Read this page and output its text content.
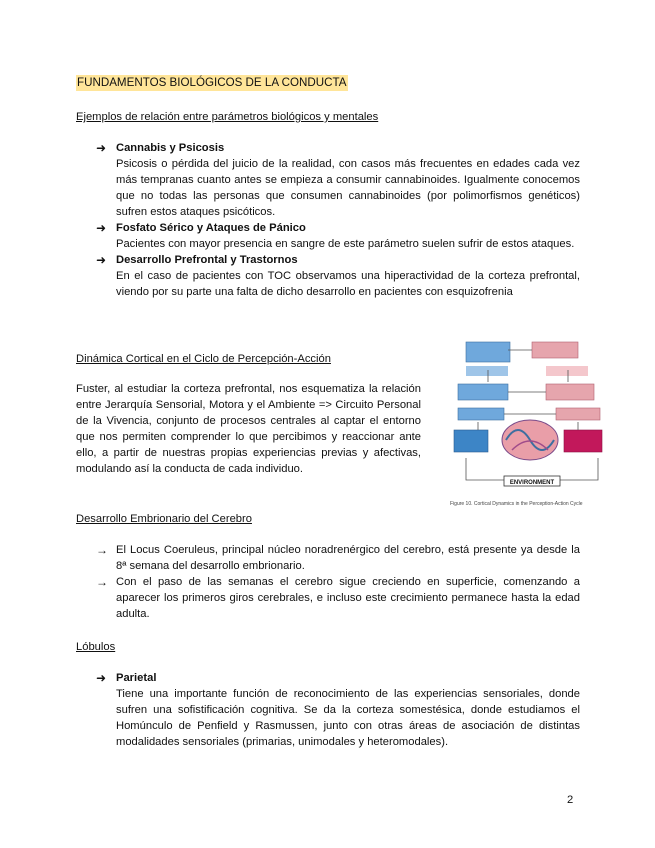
FUNDAMENTOS BIOLÓGICOS DE LA CONDUCTA
Ejemplos de relación entre parámetros biológicos y mentales
➜ Cannabis y Psicosis
Psicosis o pérdida del juicio de la realidad, con casos más frecuentes en edades cada vez más tempranas cuanto antes se empieza a consumir cannabinoides. Igualmente conocemos que no todas las personas que consumen cannabinoides (por polimorfismos genéticos) sufren estos ataques psicóticos.
➜ Fosfato Sérico y Ataques de Pánico
Pacientes con mayor presencia en sangre de este parámetro suelen sufrir de estos ataques.
➜ Desarrollo Prefrontal y Trastornos
En el caso de pacientes con TOC observamos una hiperactividad de la corteza prefrontal, viendo por su parte una falta de dicho desarrollo en pacientes con esquizofrenia
Dinámica Cortical en el Ciclo de Percepción-Acción
Fuster, al estudiar la corteza prefrontal, nos esquematiza la relación entre Jerarquía Sensorial, Motora y el Ambiente => Circuito Personal de la Vivencia, conjunto de procesos centrales al captar el entorno que nos permiten comprender lo que percibimos y reaccionar ante ello, a partir de nuestras propias experiencias previas y afectivas, modulando así la conducta de cada individuo.
ENVIRONMENT
Figure 10. Cortical Dynamics in the Perception-Action Cycle
Desarrollo Embrionario del Cerebro
→ El Locus Coeruleus, principal núcleo noradrenérgico del cerebro, está presente ya desde la 8ª semana del desarrollo embrionario.
→ Con el paso de las semanas el cerebro sigue creciendo en superficie, comenzando a aparecer los primeros giros cerebrales, e incluso este crecimiento permanece hasta la edad adulta.
Lóbulos
➜ Parietal
Tiene una importante función de reconocimiento de las experiencias sensoriales, donde sufren una sofistificación cognitiva. Se da la corteza somestésica, donde estudiamos el Homúnculo de Penfield y Rasmussen, junto con otras áreas de asociación de distintas modalidades sensoriales (primarias, unimodales y heteromodales).
2
